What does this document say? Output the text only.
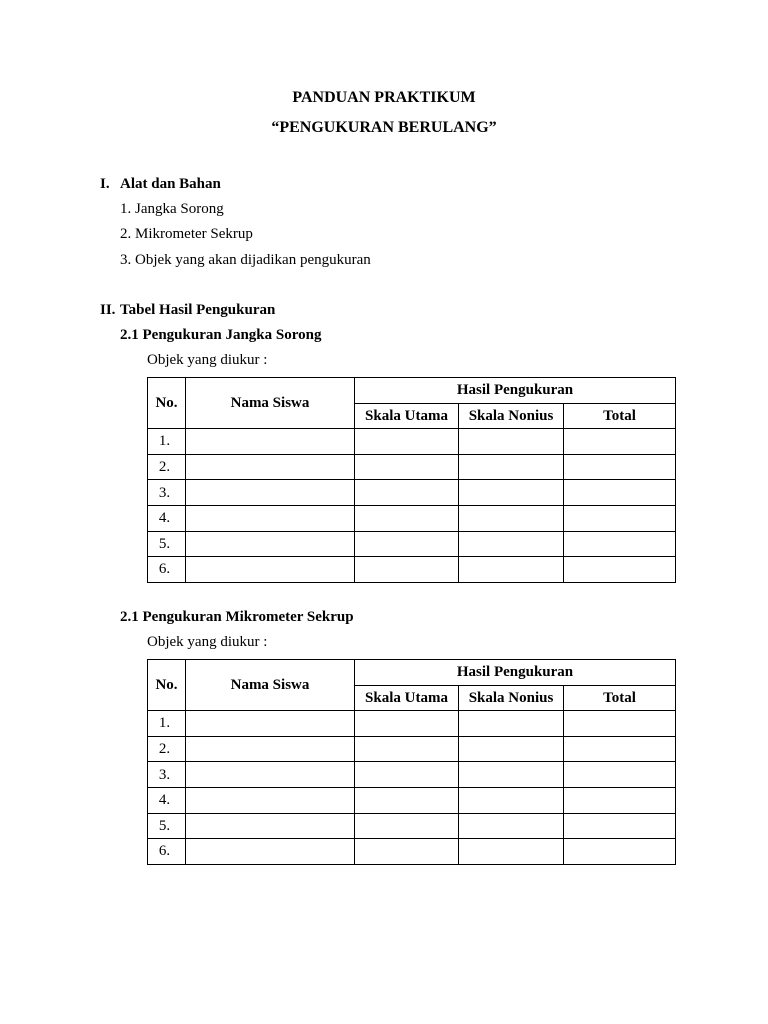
PANDUAN PRAKTIKUM
“PENGUKURAN BERULANG”
I. Alat dan Bahan
1. Jangka Sorong
2. Mikrometer Sekrup
3. Objek yang akan dijadikan pengukuran
II. Tabel Hasil Pengukuran
2.1 Pengukuran Jangka Sorong
Objek yang diukur :
No.	Nama Siswa	Hasil Pengukuran		
		Skala Utama	Skala Nonius	Total
1.				
2.				
3.				
4.				
5.				
6.				
2.1 Pengukuran Mikrometer Sekrup
Objek yang diukur :
No.	Nama Siswa	Hasil Pengukuran		
		Skala Utama	Skala Nonius	Total
1.				
2.				
3.				
4.				
5.				
6.				
